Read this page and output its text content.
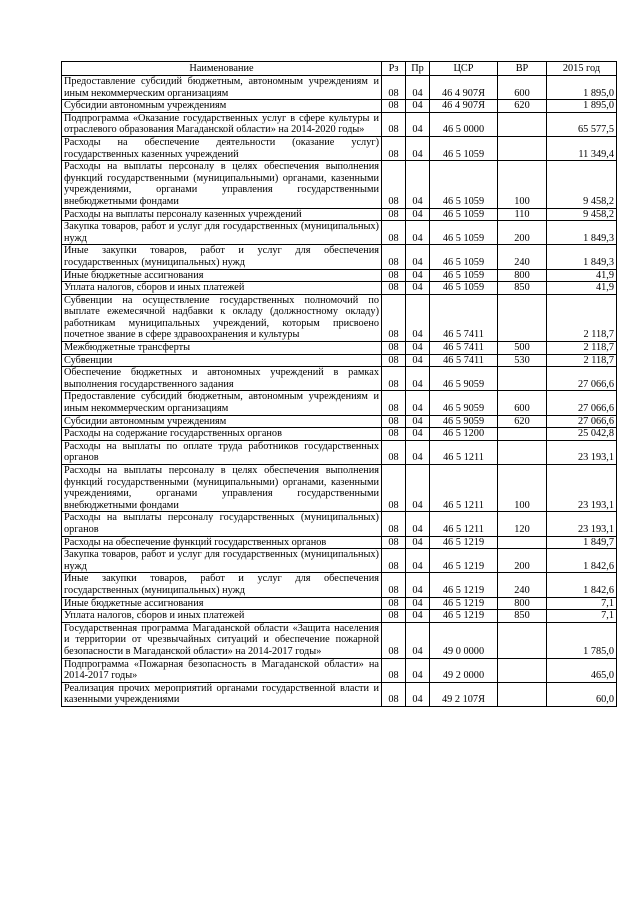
Наименование	Рз	Пр	ЦСР	ВР	2015 год
Предоставление субсидий бюджетным, автономным учреждениям и иным некоммерческим организациям	08	04	46 4 907Я	600	1 895,0
Субсидии автономным учреждениям	08	04	46 4 907Я	620	1 895,0
Подпрограмма «Оказание государственных услуг в сфере культуры и отраслевого образования Магаданской области» на 2014-2020 годы»	08	04	46 5 0000		65 577,5
Расходы на обеспечение деятельности (оказание услуг) государственных казенных учреждений	08	04	46 5 1059		11 349,4
Расходы на выплаты персоналу в целях обеспечения выполнения функций государственными (муниципальными) органами, казенными учреждениями, органами управления государственными внебюджетными фондами	08	04	46 5 1059	100	9 458,2
Расходы на выплаты персоналу казенных учреждений	08	04	46 5 1059	110	9 458,2
Закупка товаров, работ и услуг для государственных (муниципальных) нужд	08	04	46 5 1059	200	1 849,3
Иные закупки товаров, работ и услуг для обеспечения государственных (муниципальных) нужд	08	04	46 5 1059	240	1 849,3
Иные бюджетные ассигнования	08	04	46 5 1059	800	41,9
Уплата налогов, сборов и иных платежей	08	04	46 5 1059	850	41,9
Субвенции на осуществление государственных полномочий по выплате ежемесячной надбавки к окладу (должностному окладу) работникам муниципальных учреждений, которым присвоено почетное звание в сфере здравоохранения и культуры	08	04	46 5 7411		2 118,7
Межбюджетные трансферты	08	04	46 5 7411	500	2 118,7
Субвенции	08	04	46 5 7411	530	2 118,7
Обеспечение бюджетных и автономных учреждений в рамках выполнения государственного задания	08	04	46 5 9059		27 066,6
Предоставление субсидий бюджетным, автономным учреждениям и иным некоммерческим организациям	08	04	46 5 9059	600	27 066,6
Субсидии автономным учреждениям	08	04	46 5 9059	620	27 066,6
Расходы на содержание государственных органов	08	04	46 5 1200		25 042,8
Расходы на выплаты по оплате труда работников государственных органов	08	04	46 5 1211		23 193,1
Расходы на выплаты персоналу в целях обеспечения выполнения функций государственными (муниципальными) органами, казенными учреждениями, органами управления государственными внебюджетными фондами	08	04	46 5 1211	100	23 193,1
Расходы на выплаты персоналу государственных (муниципальных) органов	08	04	46 5 1211	120	23 193,1
Расходы на обеспечение функций государственных органов	08	04	46 5 1219		1 849,7
Закупка товаров, работ и услуг для государственных (муниципальных) нужд	08	04	46 5 1219	200	1 842,6
Иные закупки товаров, работ и услуг для обеспечения государственных (муниципальных) нужд	08	04	46 5 1219	240	1 842,6
Иные бюджетные ассигнования	08	04	46 5 1219	800	7,1
Уплата налогов, сборов и иных платежей	08	04	46 5 1219	850	7,1
Государственная программа Магаданской области «Защита населения и территории от чрезвычайных ситуаций и обеспечение пожарной безопасности в Магаданской области» на 2014-2017 годы»	08	04	49 0 0000		1 785,0
Подпрограмма «Пожарная безопасность в Магаданской области» на 2014-2017 годы»	08	04	49 2 0000		465,0
Реализация прочих мероприятий органами государственной власти и казенными учреждениями	08	04	49 2 107Я		60,0
